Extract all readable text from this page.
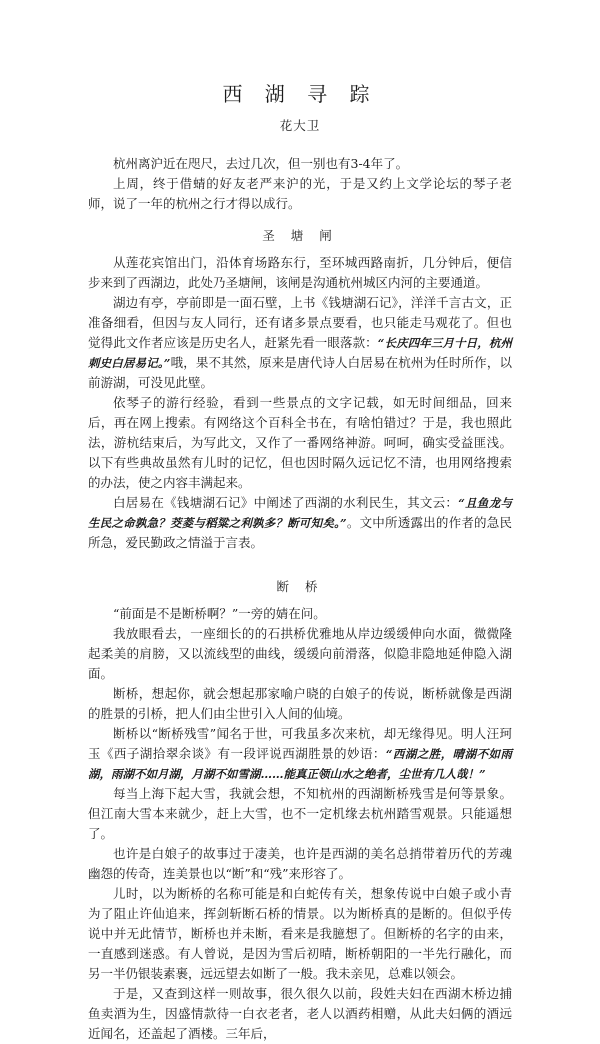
西 湖 寻 踪
花大卫

杭州离沪近在咫尺，去过几次，但一别也有3-4年了。

上周，终于借蜻的好友老严来沪的光，于是又约上文学论坛的琴子老师，说了一年的杭州之行才得以成行。

圣 塘 闸

从莲花宾馆出门，沿体育场路东行，至环城西路南折，几分钟后，便信步来到了西湖边，此处乃圣塘闸，该闸是沟通杭州城区内河的主要通道。

湖边有亭，亭前即是一面石壁，上书《钱塘湖石记》，洋洋千言古文，正准备细看，但因与友人同行，还有诸多景点要看，也只能走马观花了。但也觉得此文作者应该是历史名人，赶紧先看一眼落款：“长庆四年三月十日，杭州刺史白居易记。”哦，果不其然，原来是唐代诗人白居易在杭州为任时所作，以前游湖，可没见此壁。

依琴子的游行经验，看到一些景点的文字记载，如无时间细品，回来后，再在网上搜索。有网络这个百科全书在，有啥怕错过？于是，我也照此法，游杭结束后，为写此文，又作了一番网络神游。呵呵，确实受益匪浅。以下有些典故虽然有儿时的记忆，但也因时隔久远记忆不清，也用网络搜索的办法，使之内容丰满起来。

白居易在《钱塘湖石记》中阐述了西湖的水利民生，其文云：“且鱼龙与生民之命孰急？茭菱与稻粱之利孰多？断可知矣。”。文中所透露出的作者的急民所急，爱民勤政之情溢于言表。

断 桥

“前面是不是断桥啊？”一旁的婧在问。

我放眼看去，一座细长的的石拱桥优雅地从岸边缓缓伸向水面，微微隆起柔美的肩膀，又以流线型的曲线，缓缓向前滑落，似隐非隐地延伸隐入湖面。

断桥，想起你，就会想起那家喻户晓的白娘子的传说，断桥就像是西湖的胜景的引桥，把人们由尘世引入人间的仙境。

断桥以“断桥残雪”闻名于世，可我虽多次来杭，却无缘得见。明人汪珂玉《西子湖拾翠余谈》有一段评说西湖胜景的妙语：“西湖之胜，晴湖不如雨湖，雨湖不如月湖，月湖不如雪湖……能真正领山水之绝者，尘世有几人哉！”

每当上海下起大雪，我就会想，不知杭州的西湖断桥残雪是何等景象。但江南大雪本来就少，赶上大雪，也不一定机缘去杭州踏雪观景。只能遥想了。

也许是白娘子的故事过于凄美，也许是西湖的美名总捎带着历代的芳魂幽怨的传奇，连美景也以“断”和“残”来形容了。

儿时，以为断桥的名称可能是和白蛇传有关，想象传说中白娘子或小青为了阻止许仙追来，挥剑斩断石桥的情景。以为断桥真的是断的。但似乎传说中并无此情节，断桥也并未断，看来是我臆想了。但断桥的名字的由来，一直感到迷惑。有人曾说，是因为雪后初晴，断桥朝阳的一半先行融化，而另一半仍银装素裹，远远望去如断了一般。我未亲见，总难以领会。

于是，又查到这样一则故事，很久很久以前，段姓夫妇在西湖木桥边捕鱼卖酒为生，因盛情款待一白衣老者，老人以酒药相赠，从此夫妇俩的酒远近闻名，还盖起了酒楼。三年后，
